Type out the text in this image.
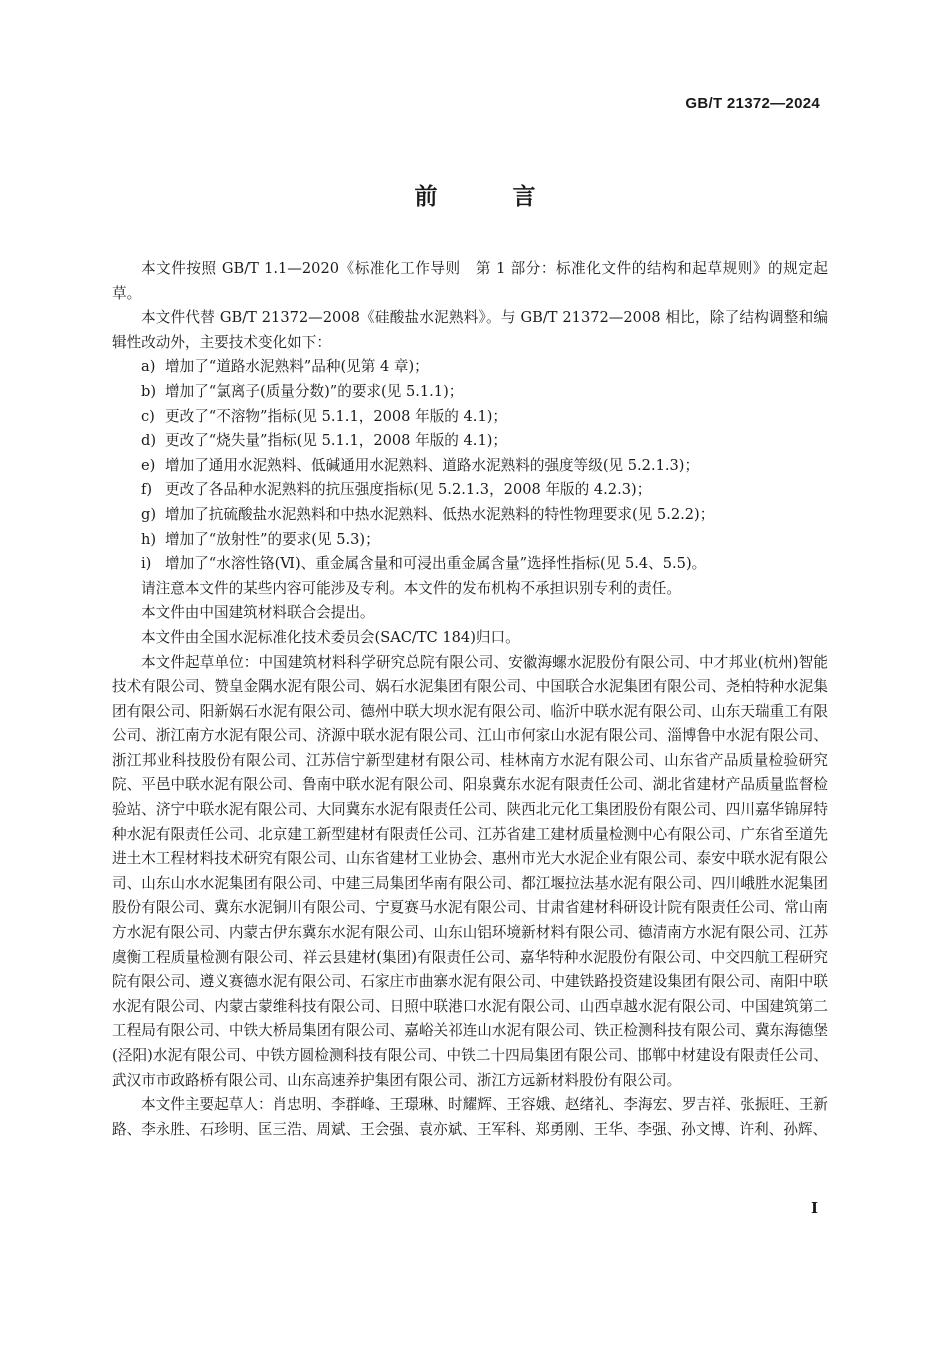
GB/T 21372—2024
前　言

本文件按照 GB/T 1.1—2020《标准化工作导则　第 1 部分：标准化文件的结构和起草规则》的规定起草。

本文件代替 GB/T 21372—2008《硅酸盐水泥熟料》。与 GB/T 21372—2008 相比，除了结构调整和编辑性改动外，主要技术变化如下：

a) 增加了“道路水泥熟料”品种(见第 4 章)；

b) 增加了“氯离子(质量分数)”的要求(见 5.1.1)；

c) 更改了“不溶物”指标(见 5.1.1，2008 年版的 4.1)；

d) 更改了“烧失量”指标(见 5.1.1，2008 年版的 4.1)；

e) 增加了通用水泥熟料、低碱通用水泥熟料、道路水泥熟料的强度等级(见 5.2.1.3)；

f) 更改了各品种水泥熟料的抗压强度指标(见 5.2.1.3，2008 年版的 4.2.3)；

g) 增加了抗硫酸盐水泥熟料和中热水泥熟料、低热水泥熟料的特性物理要求(见 5.2.2)；

h) 增加了“放射性”的要求(见 5.3)；

i) 增加了“水溶性铬(Ⅵ)、重金属含量和可浸出重金属含量”选择性指标(见 5.4、5.5)。

请注意本文件的某些内容可能涉及专利。本文件的发布机构不承担识别专利的责任。

本文件由中国建筑材料联合会提出。

本文件由全国水泥标准化技术委员会(SAC/TC 184)归口。

本文件起草单位：中国建筑材料科学研究总院有限公司、安徽海螺水泥股份有限公司、中才邦业(杭州)智能技术有限公司、赞皇金隅水泥有限公司、娲石水泥集团有限公司、中国联合水泥集团有限公司、尧柏特种水泥集团有限公司、阳新娲石水泥有限公司、德州中联大坝水泥有限公司、临沂中联水泥有限公司、山东天瑞重工有限公司、浙江南方水泥有限公司、济源中联水泥有限公司、江山市何家山水泥有限公司、淄博鲁中水泥有限公司、浙江邦业科技股份有限公司、江苏信宁新型建材有限公司、桂林南方水泥有限公司、山东省产品质量检验研究院、平邑中联水泥有限公司、鲁南中联水泥有限公司、阳泉冀东水泥有限责任公司、湖北省建材产品质量监督检验站、济宁中联水泥有限公司、大同冀东水泥有限责任公司、陕西北元化工集团股份有限公司、四川嘉华锦屏特种水泥有限责任公司、北京建工新型建材有限责任公司、江苏省建工建材质量检测中心有限公司、广东省至道先进土木工程材料技术研究有限公司、山东省建材工业协会、惠州市光大水泥企业有限公司、泰安中联水泥有限公司、山东山水水泥集团有限公司、中建三局集团华南有限公司、都江堰拉法基水泥有限公司、四川峨胜水泥集团股份有限公司、冀东水泥铜川有限公司、宁夏赛马水泥有限公司、甘肃省建材科研设计院有限责任公司、常山南方水泥有限公司、内蒙古伊东冀东水泥有限公司、山东山铝环境新材料有限公司、德清南方水泥有限公司、江苏虞衡工程质量检测有限公司、祥云县建材(集团)有限责任公司、嘉华特种水泥股份有限公司、中交四航工程研究院有限公司、遵义赛德水泥有限公司、石家庄市曲寨水泥有限公司、中建铁路投资建设集团有限公司、南阳中联水泥有限公司、内蒙古蒙维科技有限公司、日照中联港口水泥有限公司、山西卓越水泥有限公司、中国建筑第二工程局有限公司、中铁大桥局集团有限公司、嘉峪关祁连山水泥有限公司、铁正检测科技有限公司、冀东海德堡(泾阳)水泥有限公司、中铁方圆检测科技有限公司、中铁二十四局集团有限公司、邯郸中材建设有限责任公司、武汉市市政路桥有限公司、山东高速养护集团有限公司、浙江方远新材料股份有限公司。

本文件主要起草人：肖忠明、李群峰、王璟琳、时耀辉、王容娥、赵绪礼、李海宏、罗吉祥、张振旺、王新路、李永胜、石珍明、匡三浩、周斌、王会强、袁亦斌、王军科、郑勇刚、王华、李强、孙文博、许利、孙辉、

I
